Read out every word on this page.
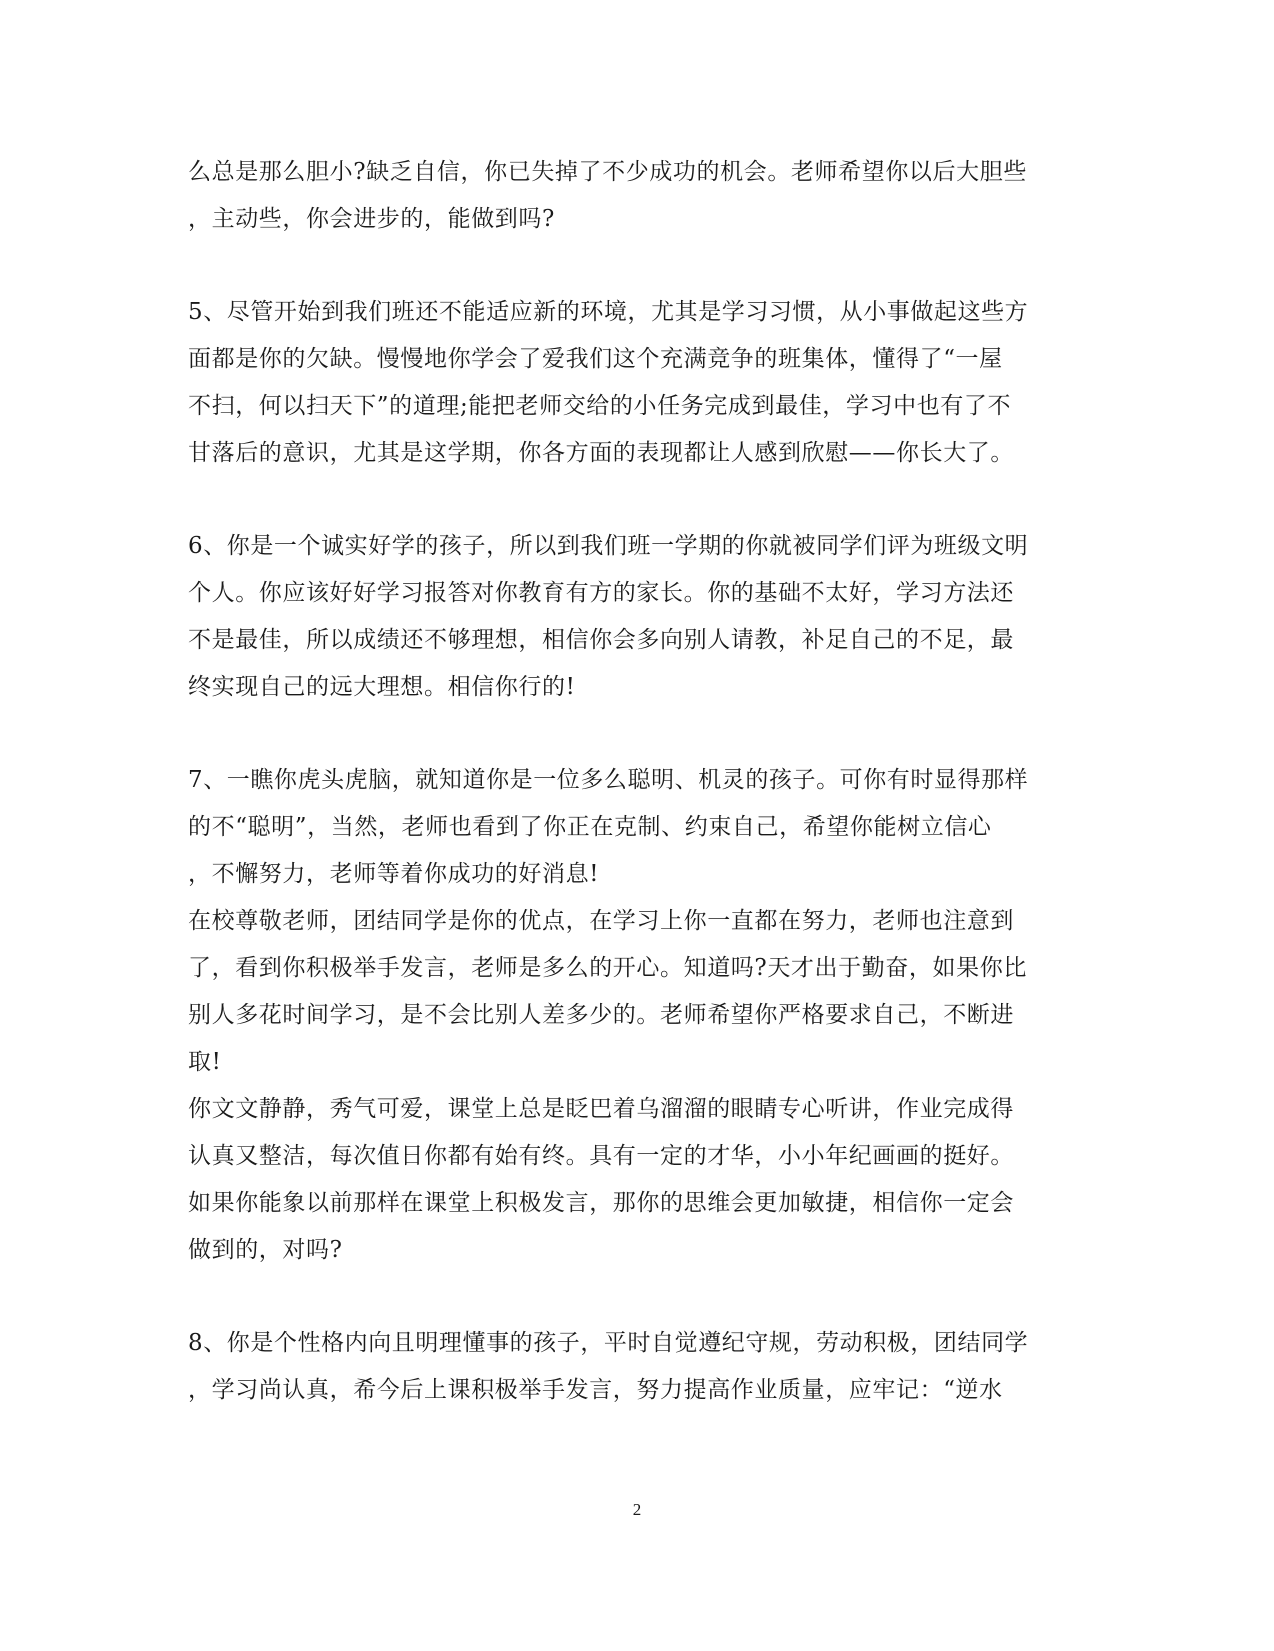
么总是那么胆小?缺乏自信，你已失掉了不少成功的机会。老师希望你以后大胆些
，主动些，你会进步的，能做到吗?
5、尽管开始到我们班还不能适应新的环境，尤其是学习习惯，从小事做起这些方
面都是你的欠缺。慢慢地你学会了爱我们这个充满竞争的班集体，懂得了“一屋
不扫，何以扫天下”的道理;能把老师交给的小任务完成到最佳，学习中也有了不
甘落后的意识，尤其是这学期，你各方面的表现都让人感到欣慰——你长大了。
6、你是一个诚实好学的孩子，所以到我们班一学期的你就被同学们评为班级文明
个人。你应该好好学习报答对你教育有方的家长。你的基础不太好，学习方法还
不是最佳，所以成绩还不够理想，相信你会多向别人请教，补足自己的不足，最
终实现自己的远大理想。相信你行的!
7、一瞧你虎头虎脑，就知道你是一位多么聪明、机灵的孩子。可你有时显得那样
的不“聪明”，当然，老师也看到了你正在克制、约束自己，希望你能树立信心
，不懈努力，老师等着你成功的好消息!
在校尊敬老师，团结同学是你的优点，在学习上你一直都在努力，老师也注意到
了，看到你积极举手发言，老师是多么的开心。知道吗?天才出于勤奋，如果你比
别人多花时间学习，是不会比别人差多少的。老师希望你严格要求自己，不断进
取!
你文文静静，秀气可爱，课堂上总是眨巴着乌溜溜的眼睛专心听讲，作业完成得
认真又整洁，每次值日你都有始有终。具有一定的才华，小小年纪画画的挺好。
如果你能象以前那样在课堂上积极发言，那你的思维会更加敏捷，相信你一定会
做到的，对吗?
8、你是个性格内向且明理懂事的孩子，平时自觉遵纪守规，劳动积极，团结同学
，学习尚认真，希今后上课积极举手发言，努力提高作业质量，应牢记：“逆水
2
